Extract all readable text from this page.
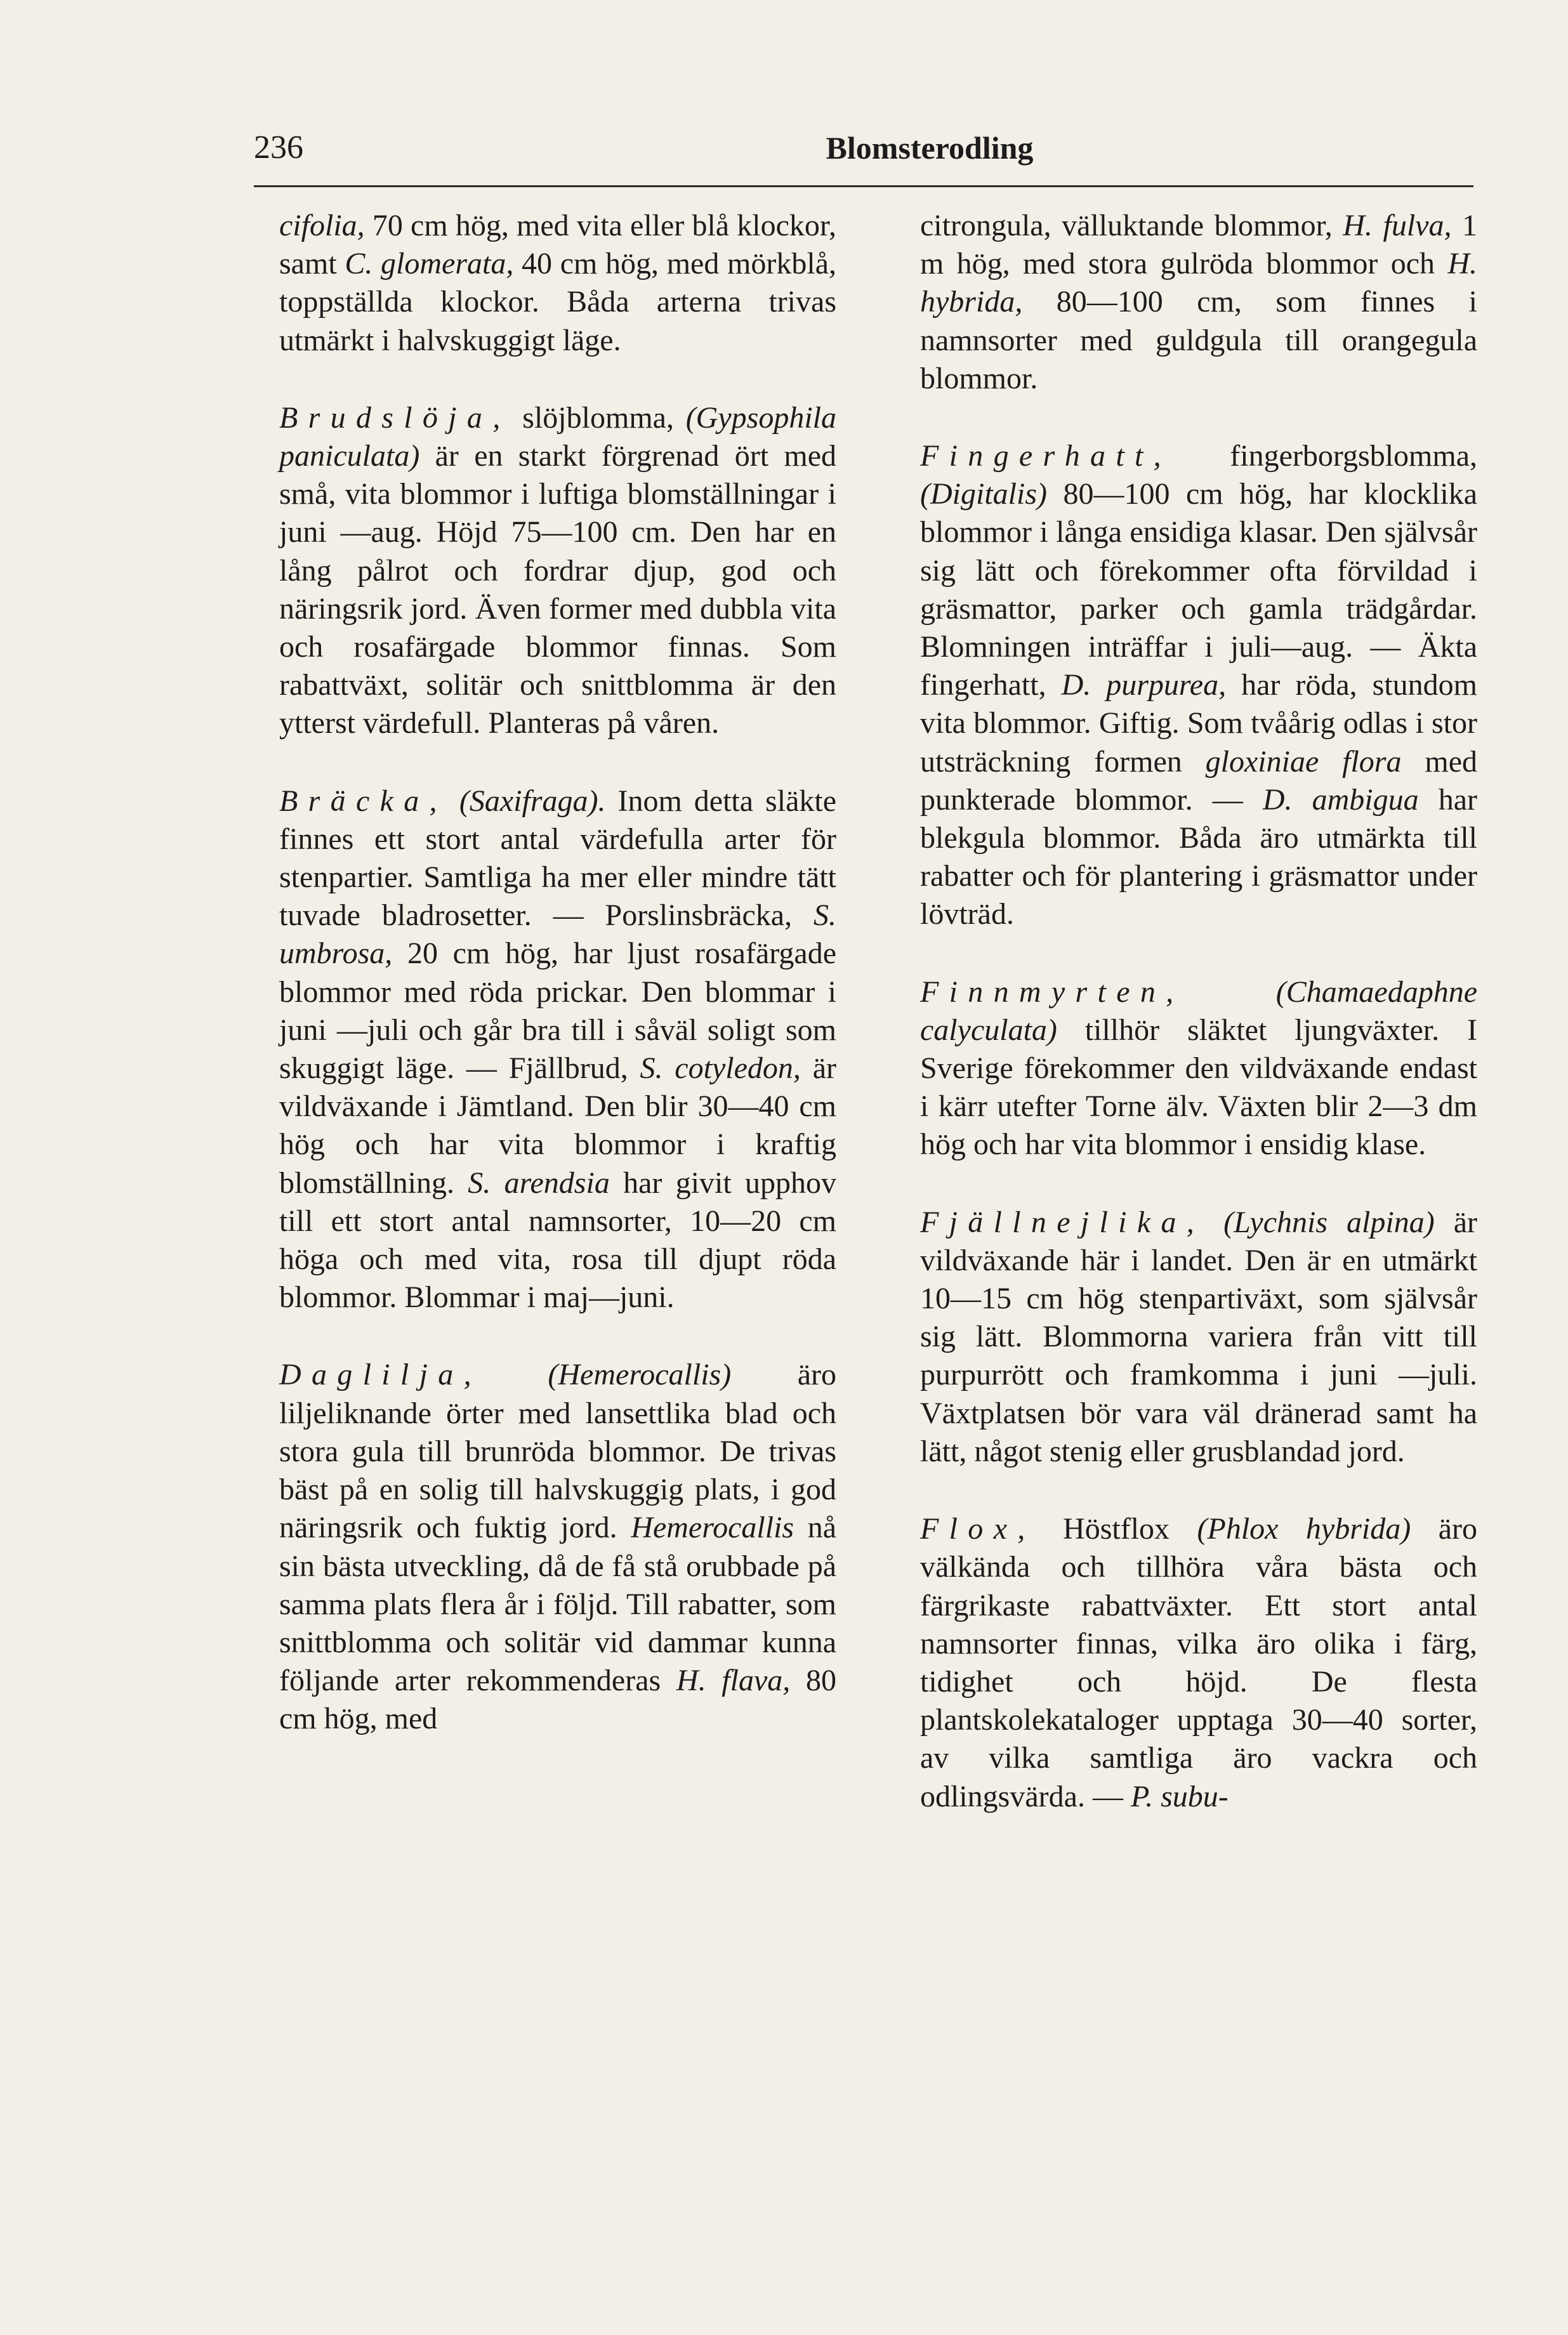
236	Blomsterodling

cifolia, 70 cm hög, med vita eller blå klockor, samt C. glomerata, 40 cm hög, med mörkblå, toppställda klockor. Båda arterna trivas utmärkt i halvskuggigt läge.

Brudslöja, slöjblomma, (Gypsophila paniculata) är en starkt förgrenad ört med små, vita blommor i luftiga blomställningar i juni —aug. Höjd 75—100 cm. Den har en lång pålrot och fordrar djup, god och näringsrik jord. Även former med dubbla vita och rosafärgade blommor finnas. Som rabattväxt, solitär och snittblomma är den ytterst värdefull. Planteras på våren.

Bräcka, (Saxifraga). Inom detta släkte finnes ett stort antal värdefulla arter för stenpartier. Samtliga ha mer eller mindre tätt tuvade bladrosetter. — Porslinsbräcka, S. umbrosa, 20 cm hög, har ljust rosafärgade blommor med röda prickar. Den blommar i juni —juli och går bra till i såväl soligt som skuggigt läge. — Fjällbrud, S. cotyledon, är vildväxande i Jämtland. Den blir 30—40 cm hög och har vita blommor i kraftig blomställning. S. arendsia har givit upphov till ett stort antal namnsorter, 10—20 cm höga och med vita, rosa till djupt röda blommor. Blommar i maj—juni.

Daglilja, (Hemerocallis) äro liljeliknande örter med lansettlika blad och stora gula till brunröda blommor. De trivas bäst på en solig till halvskuggig plats, i god näringsrik och fuktig jord. Hemerocallis nå sin bästa utveckling, då de få stå orubbade på samma plats flera år i följd. Till rabatter, som snittblomma och solitär vid dammar kunna följande arter rekommenderas H. flava, 80 cm hög, med

citrongula, välluktande blommor, H. fulva, 1 m hög, med stora gulröda blommor och H. hybrida, 80—100 cm, som finnes i namnsorter med guldgula till orangegula blommor.

Fingerhatt, fingerborgsblomma, (Digitalis) 80—100 cm hög, har klocklika blommor i långa ensidiga klasar. Den självsår sig lätt och förekommer ofta förvildad i gräsmattor, parker och gamla trädgårdar. Blomningen inträffar i juli—aug. — Äkta fingerhatt, D. purpurea, har röda, stundom vita blommor. Giftig. Som tvåårig odlas i stor utsträckning formen gloxiniae flora med punkterade blommor. — D. ambigua har blekgula blommor. Båda äro utmärkta till rabatter och för plantering i gräsmattor under lövträd.

Finnmyrten,	(Chamaedaphne calyculata) tillhör släktet ljungväxter. I Sverige förekommer den vildväxande endast i kärr utefter Torne älv. Växten blir 2—3 dm hög och har vita blommor i ensidig klase.

Fjällnejlika, (Lychnis alpina) är vildväxande här i landet. Den är en utmärkt 10—15 cm hög stenpartiväxt, som självsår sig lätt. Blommorna variera från vitt till purpurrött och framkomma i juni —juli. Växtplatsen bör vara väl dränerad samt ha lätt, något stenig eller grusblandad jord.

Flox, Höstflox (Phlox hybrida) äro välkända och tillhöra våra bästa och färgrikaste rabattväxter. Ett stort antal namnsorter finnas, vilka äro olika i färg, tidighet och höjd. De flesta plantskolekataloger upptaga 30—40 sorter, av vilka samtliga äro vackra och odlingsvärda. — P. subu-
